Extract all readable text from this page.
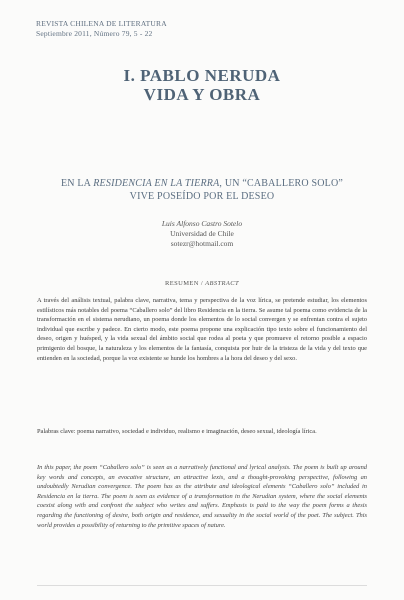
REVISTA CHILENA DE LITERATURA
Septiembre 2011, Número 79, 5 - 22
I. PABLO NERUDA
VIDA Y OBRA
EN LA RESIDENCIA EN LA TIERRA, UN “CABALLERO SOLO” VIVE POSEÍDO POR EL DESEO
Luis Alfonso Castro Sotelo
Universidad de Chile
sotezr@hotmail.com
RESUMEN / ABSTRACT

A través del análisis textual, palabra clave, narrativa, tema y perspectiva de la voz lírica, se pretende estudiar, los elementos estilísticos más notables del poema “Caballero solo” del libro Residencia en la tierra. Se asume tal poema como evidencia de la transformación en el sistema nerudiano, un poema donde los elementos de lo social convergen y se enfrentan contra el sujeto individual que escribe y padece. En cierto modo, este poema propone una explicación tipo texto sobre el funcionamiento del deseo, origen y huésped, y la vida sexual del ámbito social que rodea al poeta y que promueve el retorno posible a espacio primigenio del bosque, la naturaleza y los elementos de la fantasía, conquista por huir de la tristeza de la vida y del texto que entienden en la sociedad, porque la voz existente se hunde los hombres a la hora del deseo y del sexo.

Palabras clave: poema narrativo, sociedad e individuo, realismo e imaginación, deseo sexual, ideología lírica.

In this paper, the poem “Caballero solo” is seen as a narratively functional and lyrical analysis. The poem is built up around key words and concepts, an evocative structure, an attractive lexis, and a thought-provoking perspective, following an undoubtedly Nerudian convergence. The poem has as the attribute and ideological elements “Caballero solo” included in Residencia en la tierra. The poem is seen as evidence of a transformation in the Nerudian system, where the social elements coexist along with and confront the subject who writes and suffers. Emphasis is paid to the way the poem forms a thesis regarding the functioning of desire, both origin and residence, and sexuality in the social world of the poet. The subject. This world provides a possibility of returning to the primitive spaces of nature.
